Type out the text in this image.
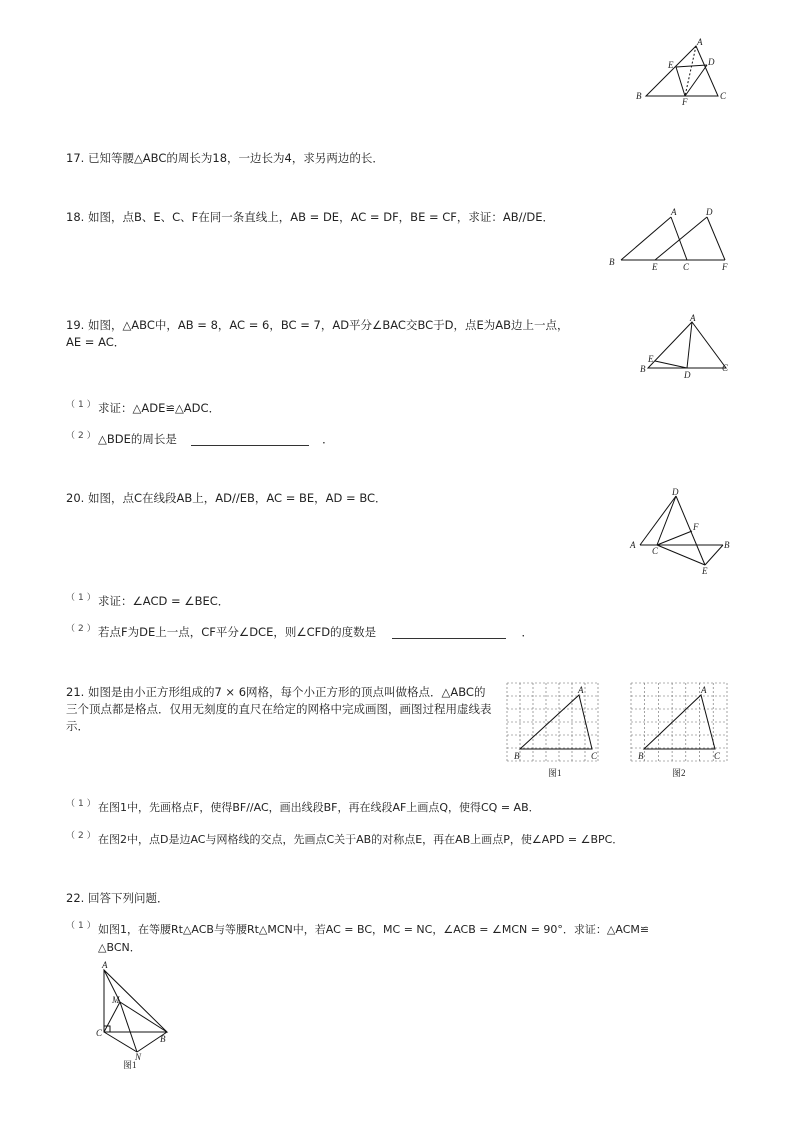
A
B	C
D
E
F
17. 已知等腰△ABC的周长为18，一边长为4，求另两边的长．
18. 如图，点B、E、C、F在同一条直线上，AB = DE，AC = DF，BE = CF，求证：AB//DE．	A
B	E	C
D
F
19. 如图，△ABC中，AB = 8，AC = 6，BC = 7，AD平分∠BAC交BC于D，点E为AB边上一点，
AE = AC．
A
B
E
D
C
（1） 求证：△ADE≌△ADC．
（2） △BDE的周长是	．
20. 如图，点C在线段AB上，AD//EB，AC = BE，AD = BC．	D
A
C
F
B
E
（1） 求证：∠ACD = ∠BEC．
（2） 若点F为DE上一点，CF平分∠DCE，则∠CFD的度数是	．
21. 如图是由小正方形组成的7 × 6网格，每个小正方形的顶点叫做格点．△ABC的
三个顶点都是格点．仅用无刻度的直尺在给定的网格中完成画图，画图过程用虚线表
示．
A
B	C
图1
A
B	C
图2
（1） 在图1中，先画格点F，使得BF//AC，画出线段BF，再在线段AF上画点Q，使得CQ = AB．
（2） 在图2中，点D是边AC与网格线的交点，先画点C关于AB的对称点E，再在AB上画点P，使∠APD = ∠BPC．
22. 回答下列问题．
（1） 如图1，在等腰Rt△ACB与等腰Rt△MCN中，若AC = BC，MC = NC，∠ACB = ∠MCN = 90°．求证：△ACM≌
△BCN．
A
M
C
B
N
图1
